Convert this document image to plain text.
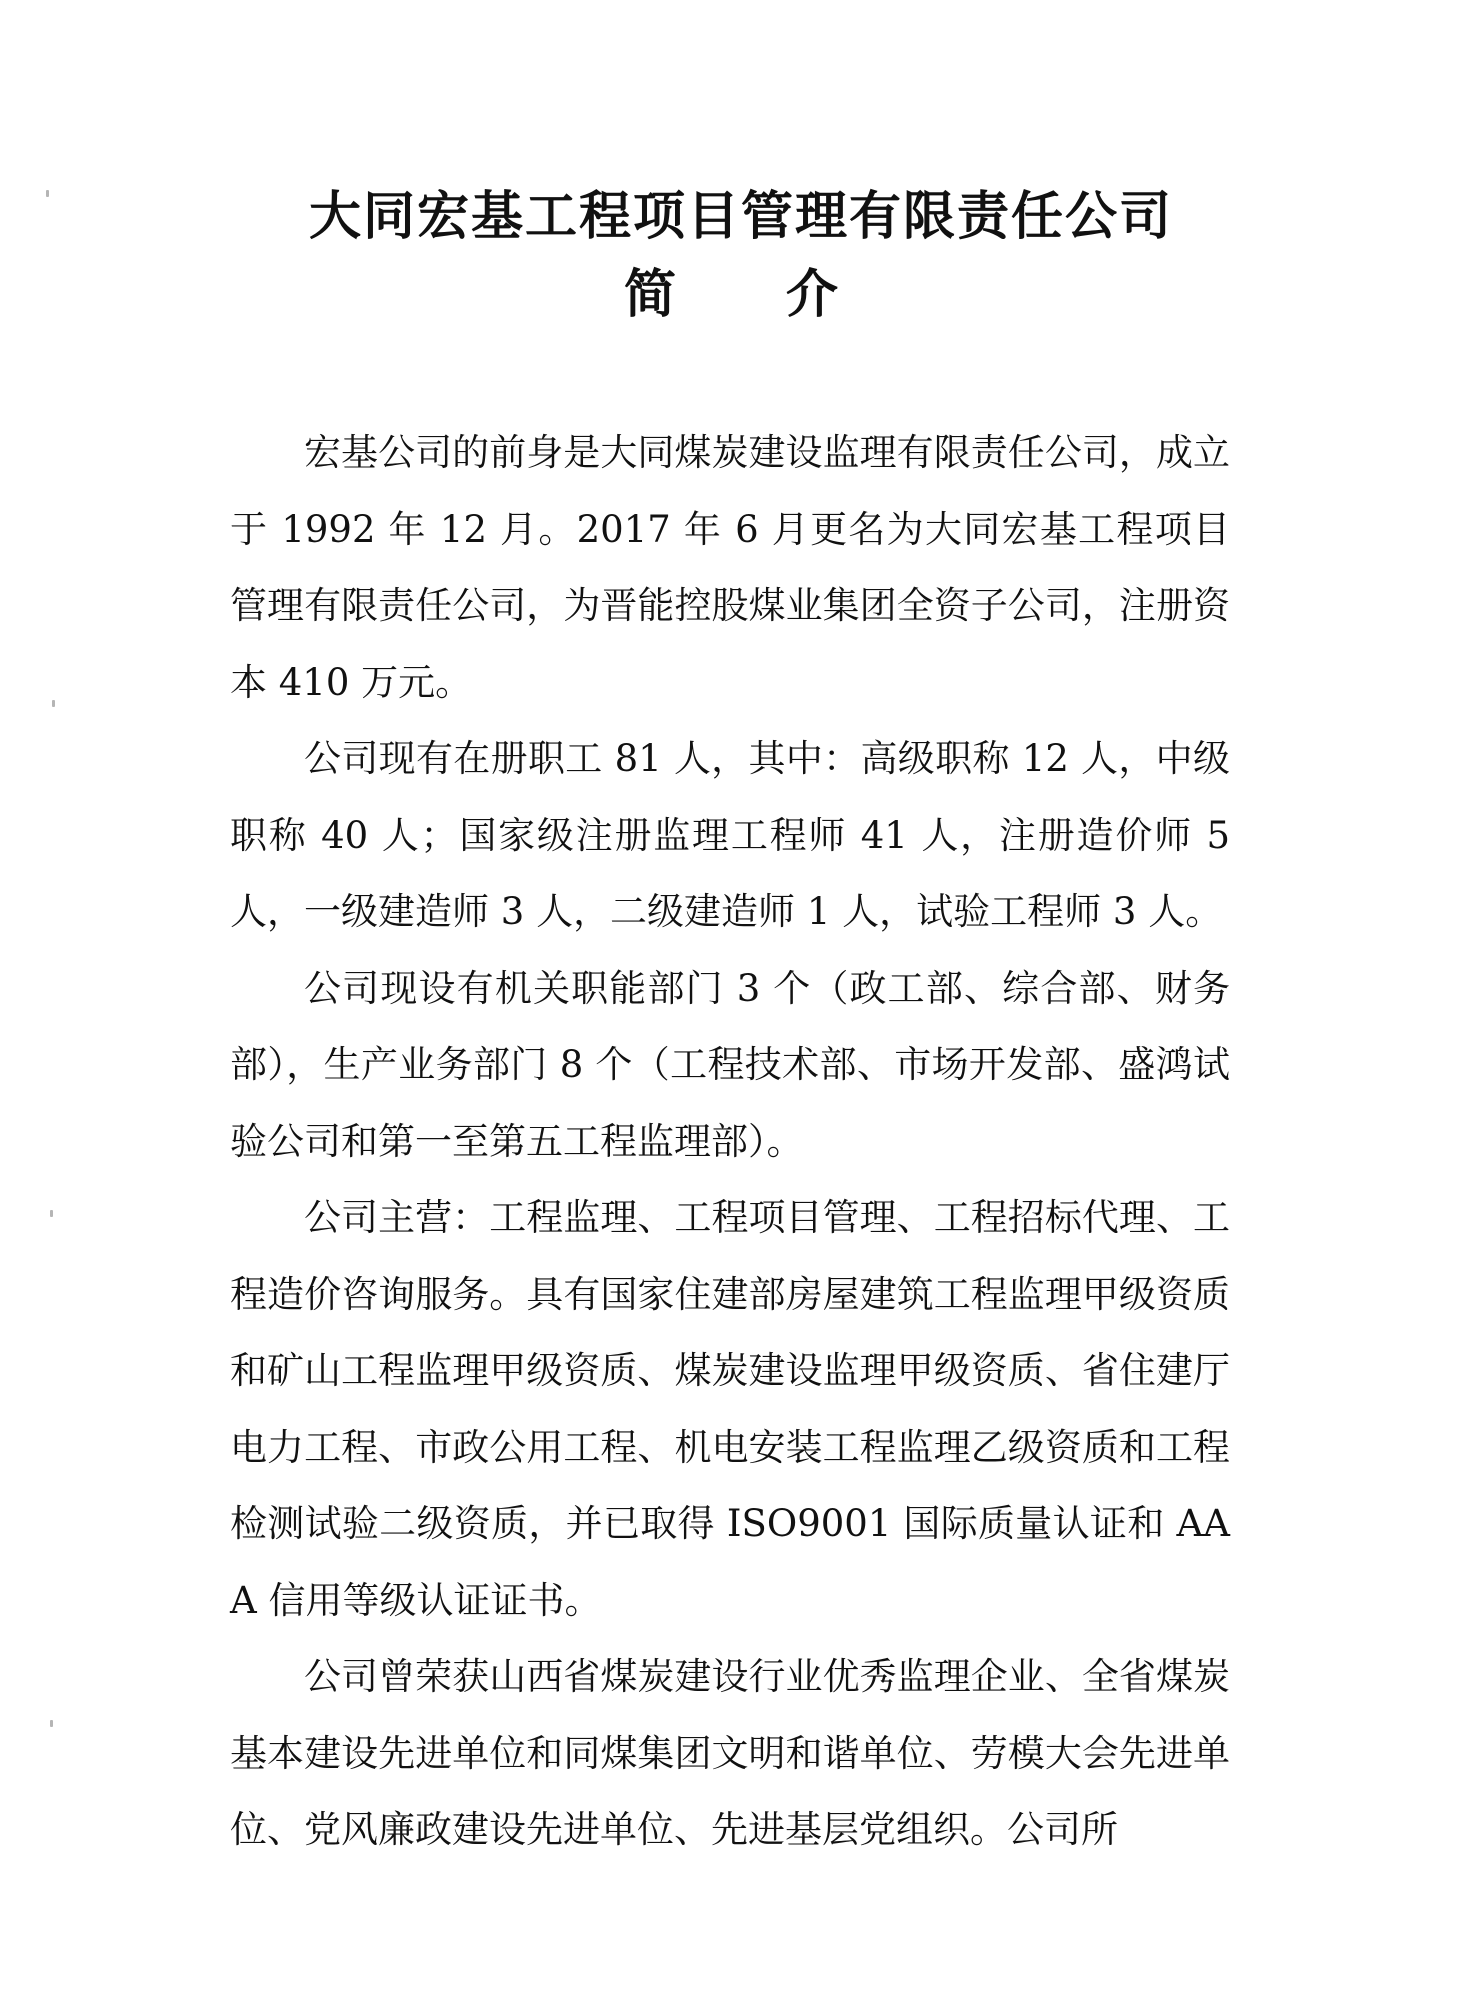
大同宏基工程项目管理有限责任公司
简介

宏基公司的前身是大同煤炭建设监理有限责任公司，成立于 1992 年 12 月。2017 年 6 月更名为大同宏基工程项目管理有限责任公司，为晋能控股煤业集团全资子公司，注册资本 410 万元。

公司现有在册职工 81 人，其中：高级职称 12 人，中级职称 40 人；国家级注册监理工程师 41 人，注册造价师 5 人，一级建造师 3 人，二级建造师 1 人，试验工程师 3 人。

公司现设有机关职能部门 3 个（政工部、综合部、财务部），生产业务部门 8 个（工程技术部、市场开发部、盛鸿试验公司和第一至第五工程监理部）。

公司主营：工程监理、工程项目管理、工程招标代理、工程造价咨询服务。具有国家住建部房屋建筑工程监理甲级资质和矿山工程监理甲级资质、煤炭建设监理甲级资质、省住建厅电力工程、市政公用工程、机电安装工程监理乙级资质和工程检测试验二级资质，并已取得 ISO9001 国际质量认证和 AAA 信用等级认证证书。

公司曾荣获山西省煤炭建设行业优秀监理企业、全省煤炭基本建设先进单位和同煤集团文明和谐单位、劳模大会先进单位、党风廉政建设先进单位、先进基层党组织。公司所
